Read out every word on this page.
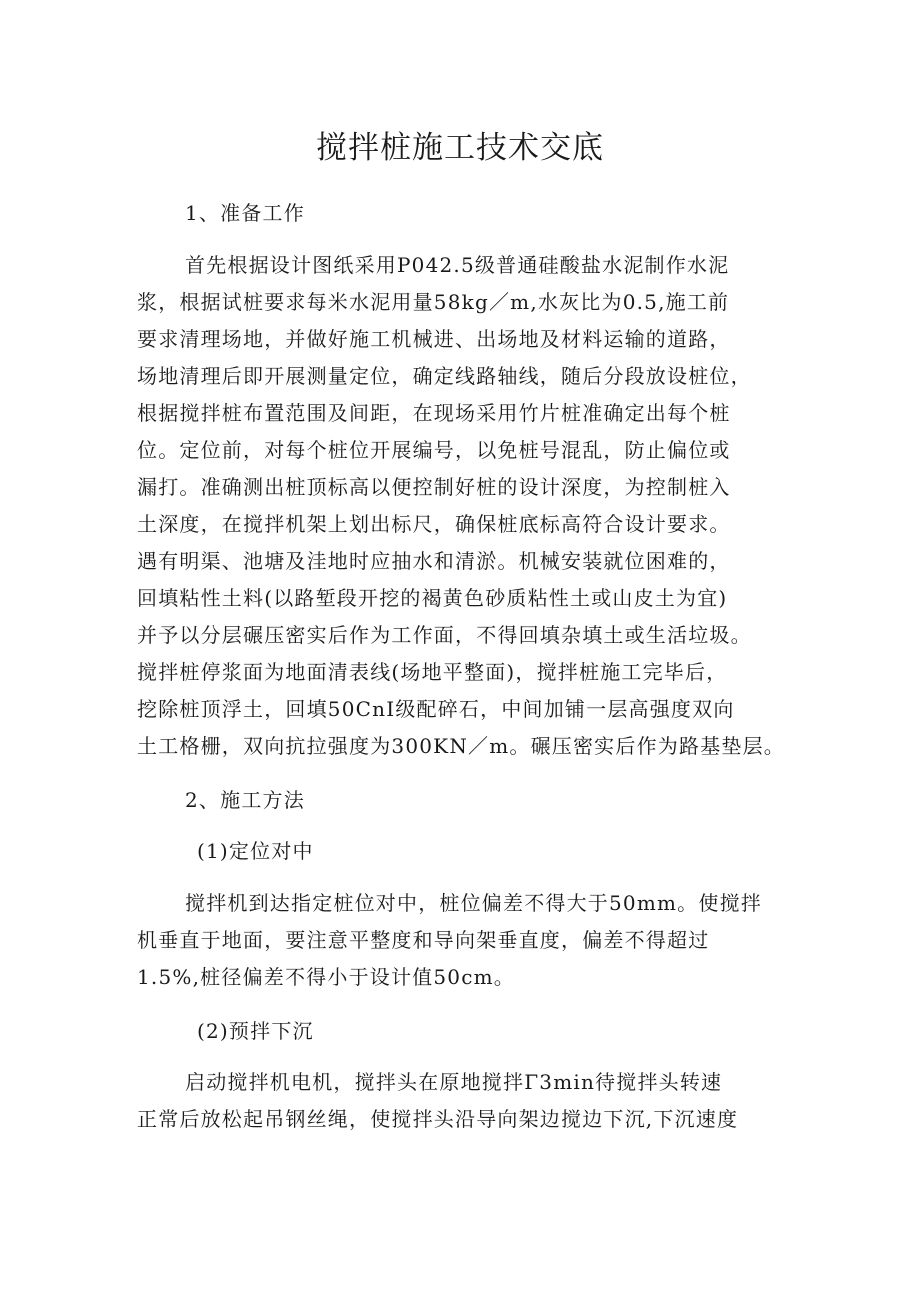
搅拌桩施工技术交底
1、准备工作
首先根据设计图纸采用P042.5级普通硅酸盐水泥制作水泥
浆，根据试桩要求每米水泥用量58kg／m,水灰比为0.5,施工前
要求清理场地，并做好施工机械进、出场地及材料运输的道路，
场地清理后即开展测量定位，确定线路轴线，随后分段放设桩位，
根据搅拌桩布置范围及间距，在现场采用竹片桩准确定出每个桩
位。定位前，对每个桩位开展编号，以免桩号混乱，防止偏位或
漏打。准确测出桩顶标高以便控制好桩的设计深度，为控制桩入
土深度，在搅拌机架上划出标尺，确保桩底标高符合设计要求。
遇有明渠、池塘及洼地时应抽水和清淤。机械安装就位困难的，
回填粘性土料(以路堑段开挖的褐黄色砂质粘性土或山皮土为宜)
并予以分层碾压密实后作为工作面，不得回填杂填土或生活垃圾。
搅拌桩停浆面为地面清表线(场地平整面)，搅拌桩施工完毕后，
挖除桩顶浮土，回填50CnI级配碎石，中间加铺一层高强度双向
土工格栅，双向抗拉强度为300KN／m。碾压密实后作为路基垫层。
2、施工方法
(1)定位对中
搅拌机到达指定桩位对中，桩位偏差不得大于50mm。使搅拌
机垂直于地面，要注意平整度和导向架垂直度，偏差不得超过
1.5%,桩径偏差不得小于设计值50cm。
(2)预拌下沉
启动搅拌机电机，搅拌头在原地搅拌Γ3min待搅拌头转速
正常后放松起吊钢丝绳，使搅拌头沿导向架边搅边下沉,下沉速度
